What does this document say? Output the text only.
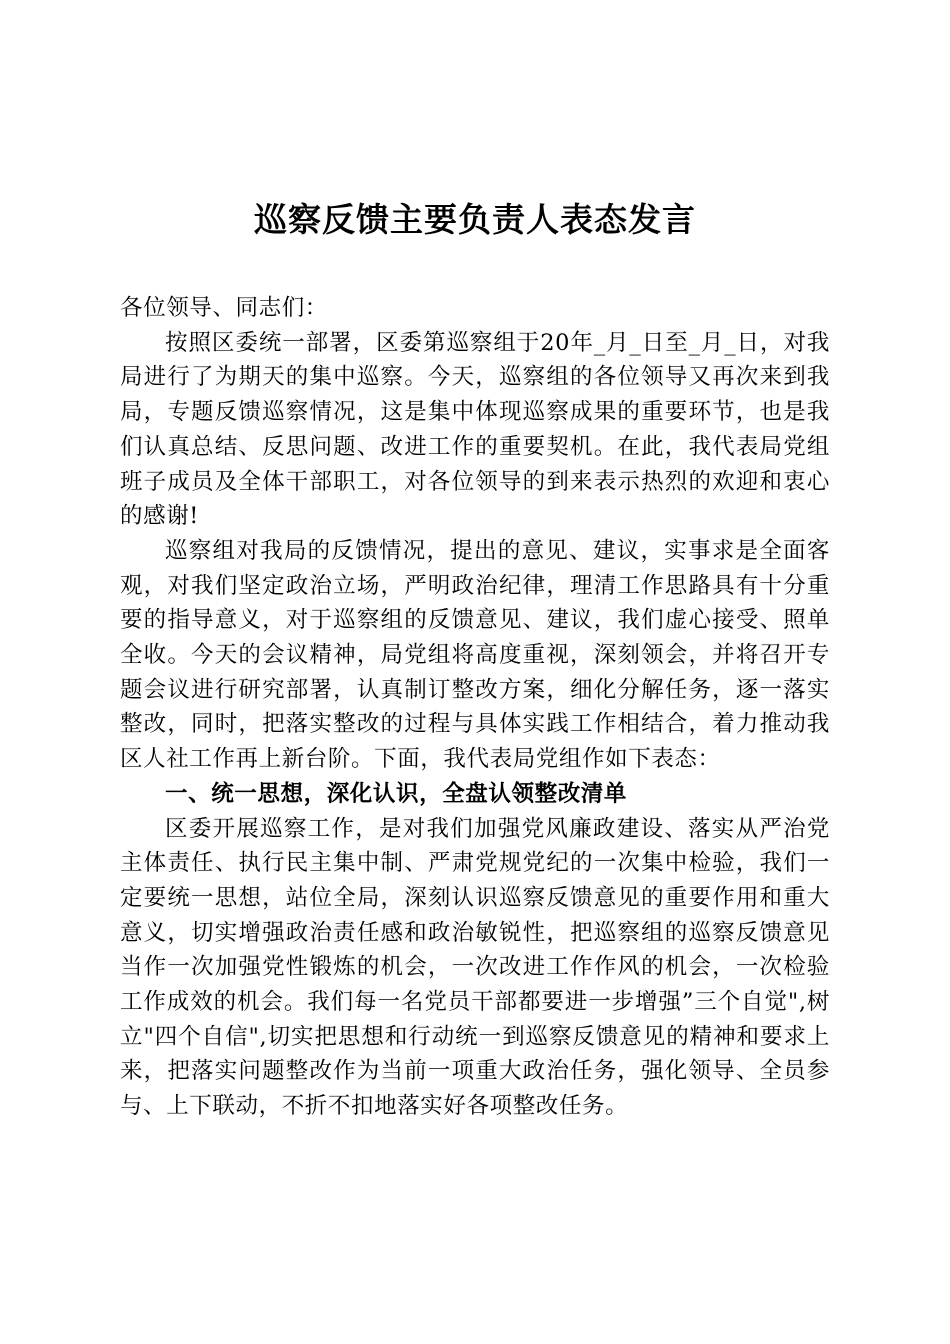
巡察反馈主要负责人表态发言

各位领导、同志们：

按照区委统一部署，区委第巡察组于20年_月_日至_月_日，对我局进行了为期天的集中巡察。今天，巡察组的各位领导又再次来到我局，专题反馈巡察情况，这是集中体现巡察成果的重要环节，也是我们认真总结、反思问题、改进工作的重要契机。在此，我代表局党组班子成员及全体干部职工，对各位领导的到来表示热烈的欢迎和衷心的感谢!

巡察组对我局的反馈情况，提出的意见、建议，实事求是全面客观，对我们坚定政治立场，严明政治纪律，理清工作思路具有十分重要的指导意义，对于巡察组的反馈意见、建议，我们虚心接受、照单全收。今天的会议精神，局党组将高度重视，深刻领会，并将召开专题会议进行研究部署，认真制订整改方案，细化分解任务，逐一落实整改，同时，把落实整改的过程与具体实践工作相结合，着力推动我区人社工作再上新台阶。下面，我代表局党组作如下表态：

一、统一思想，深化认识，全盘认领整改清单

区委开展巡察工作，是对我们加强党风廉政建设、落实从严治党主体责任、执行民主集中制、严肃党规党纪的一次集中检验，我们一定要统一思想，站位全局，深刻认识巡察反馈意见的重要作用和重大意义，切实增强政治责任感和政治敏锐性，把巡察组的巡察反馈意见当作一次加强党性锻炼的机会，一次改进工作作风的机会，一次检验工作成效的机会。我们每一名党员干部都要进一步增强”三个自觉",树立"四个自信",切实把思想和行动统一到巡察反馈意见的精神和要求上来，把落实问题整改作为当前一项重大政治任务，强化领导、全员参与、上下联动，不折不扣地落实好各项整改任务。
